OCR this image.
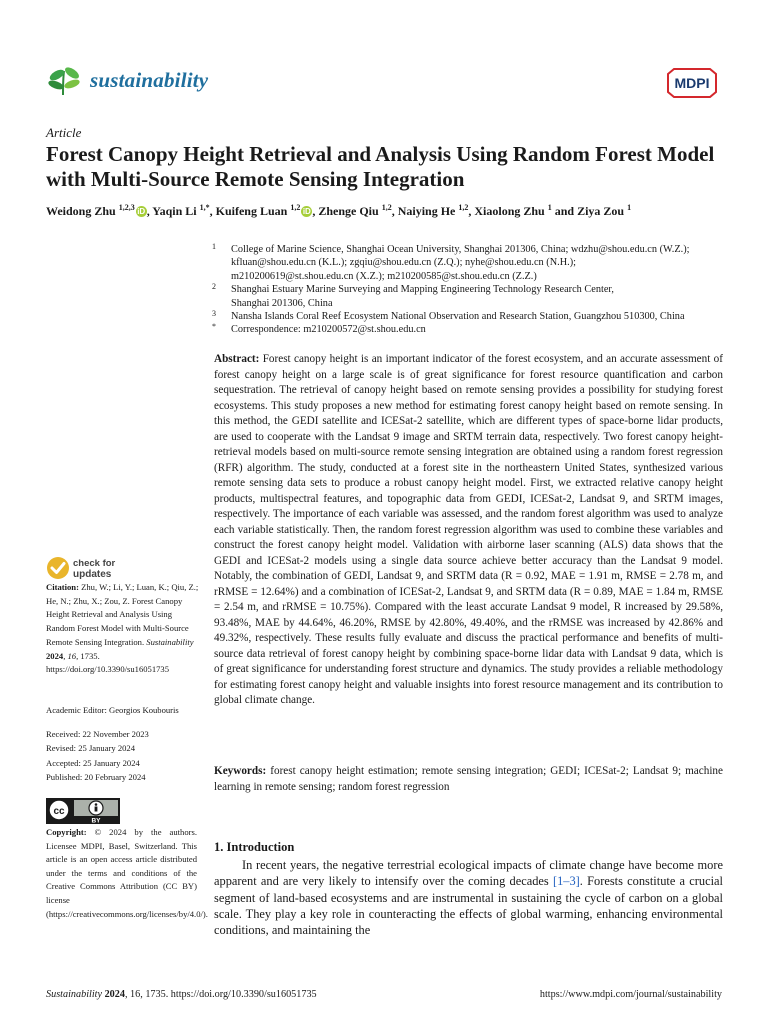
sustainability	MDPI
Article
Forest Canopy Height Retrieval and Analysis Using Random Forest Model with Multi-Source Remote Sensing Integration
Weidong Zhu $^{1,2,3}$ iD , Yaqin Li $^{1,*}$, Kuifeng Luan $^{1,2}$ iD , Zhenge Qiu $^{1,2}$, Naiying He $^{1,2}$, Xiaolong Zhu $^1$ and Ziya Zou $^1$
1 College of Marine Science, Shanghai Ocean University, Shanghai 201306, China; wdzhu@shou.edu.cn (W.Z.);
kfluan@shou.edu.cn (K.L.); zgqiu@shou.edu.cn (Z.Q.); nyhe@shou.edu.cn (N.H.);
m210200619@st.shou.edu.cn (X.Z.); m210200585@st.shou.edu.cn (Z.Z.)
2 Shanghai Estuary Marine Surveying and Mapping Engineering Technology Research Center,
Shanghai 201306, China
3 Nansha Islands Coral Reef Ecosystem National Observation and Research Station, Guangzhou 510300, China
* Correspondence: m210200572@st.shou.edu.cn
Abstract: Forest canopy height is an important indicator of the forest ecosystem, and an accurate assessment of forest canopy height on a large scale is of great significance for forest resource quantification and carbon sequestration. The retrieval of canopy height based on remote sensing provides a possibility for studying forest ecosystems. This study proposes a new method for estimating forest canopy height based on remote sensing. In this method, the GEDI satellite and ICESat-2 satellite, which are different types of space-borne lidar products, are used to cooperate with the Landsat 9 image and SRTM terrain data, respectively. Two forest canopy height-retrieval models based on multi-source remote sensing integration are obtained using a random forest regression (RFR) algorithm. The study, conducted at a forest site in the northeastern United States, synthesized various remote sensing data sets to produce a robust canopy height model. First, we extracted relative canopy height products, multispectral features, and topographic data from GEDI, ICESat-2, Landsat 9, and SRTM images, respectively. The importance of each variable was assessed, and the random forest algorithm was used to analyze each variable statistically. Then, the random forest regression algorithm was used to combine these variables and construct the forest canopy height model. Validation with airborne laser scanning (ALS) data shows that the GEDI and ICESat-2 models using a single data source achieve better accuracy than the Landsat 9 model. Notably, the combination of GEDI, Landsat 9, and SRTM data (R = 0.92, MAE = 1.91 m, RMSE = 2.78 m, and rRMSE = 12.64%) and a combination of ICESat-2, Landsat 9, and SRTM data (R = 0.89, MAE = 1.84 m, RMSE = 2.54 m, and rRMSE = 10.75%). Compared with the least accurate Landsat 9 model, R increased by 29.58%, 93.48%, MAE by 44.64%, 46.20%, RMSE by 42.80%, 49.40%, and the rRMSE was increased by 42.86% and 49.32%, respectively. These results fully evaluate and discuss the practical performance and benefits of multi-source data retrieval of forest canopy height by combining space-borne lidar data with Landsat 9 data, which is of great significance for understanding forest structure and dynamics. The study provides a reliable methodology for estimating forest canopy height and valuable insights into forest resource management and its contribution to global climate change.
Keywords: forest canopy height estimation; remote sensing integration; GEDI; ICESat-2; Landsat 9; machine learning in remote sensing; random forest regression
check for
updates
Citation: Zhu, W.; Li, Y.; Luan, K.; Qiu, Z.; He, N.; Zhu, X.; Zou, Z. Forest Canopy Height Retrieval and Analysis Using Random Forest Model with Multi-Source Remote Sensing Integration. Sustainability 2024, 16, 1735. https://doi.org/10.3390/su16051735
Academic Editor: Georgios Koubouris
Received: 22 November 2023
Revised: 25 January 2024
Accepted: 25 January 2024
Published: 20 February 2024
cc
BY
Copyright: © 2024 by the authors. Licensee MDPI, Basel, Switzerland. This article is an open access article distributed under the terms and conditions of the Creative Commons Attribution (CC BY) license (https://creativecommons.org/licenses/by/4.0/).
1. Introduction
In recent years, the negative terrestrial ecological impacts of climate change have become more apparent and are very likely to intensify over the coming decades [1–3]. Forests constitute a crucial segment of land-based ecosystems and are instrumental in sustaining the cycle of carbon on a global scale. They play a key role in counteracting the effects of global warming, enhancing environmental conditions, and maintaining the
Sustainability 2024, 16, 1735. https://doi.org/10.3390/su16051735	https://www.mdpi.com/journal/sustainability
